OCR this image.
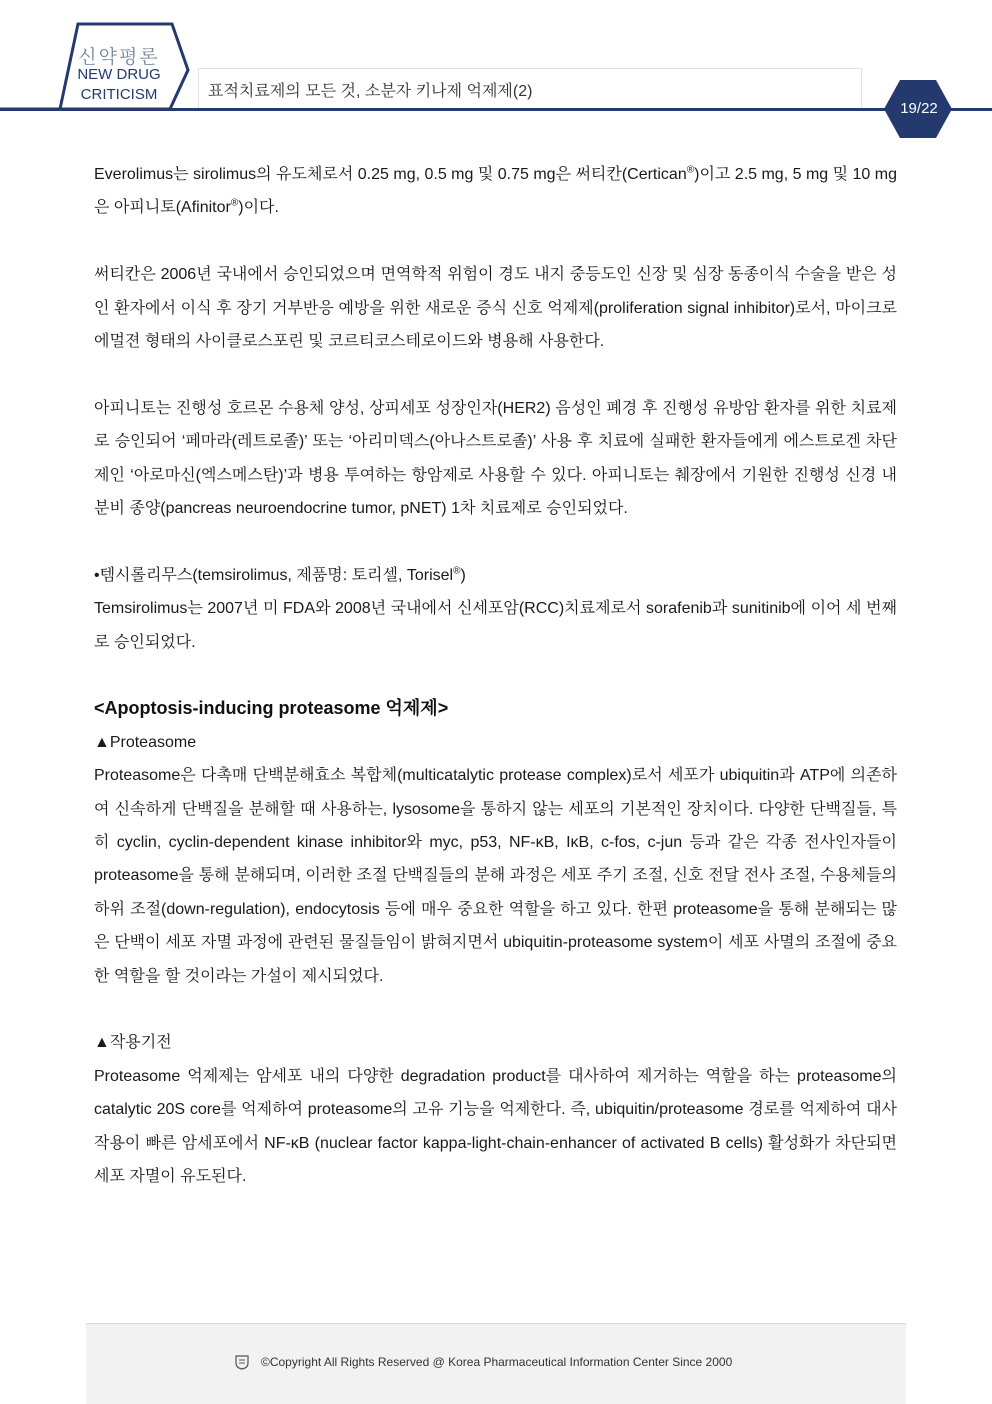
신약평론
NEW DRUG
CRITICISM	표적치료제의 모든 것, 소분자 키나제 억제제(2)
19/22

Everolimus는 sirolimus의 유도체로서 0.25 mg, 0.5 mg 및 0.75 mg은 써티칸(Certican®)이고 2.5 mg, 5 mg 및 10 mg은 아피니토(Afinitor®)이다.

써티칸은 2006년 국내에서 승인되었으며 면역학적 위험이 경도 내지 중등도인 신장 및 심장 동종이식 수술을 받은 성인 환자에서 이식 후 장기 거부반응 예방을 위한 새로운 증식 신호 억제제(proliferation signal inhibitor)로서, 마이크로 에멀젼 형태의 사이클로스포린 및 코르티코스테로이드와 병용해 사용한다.

아피니토는 진행성 호르몬 수용체 양성, 상피세포 성장인자(HER2) 음성인 폐경 후 진행성 유방암 환자를 위한 치료제로 승인되어 ‘페마라(레트로졸)’ 또는 ‘아리미덱스(아나스트로졸)’ 사용 후 치료에 실패한 환자들에게 에스트로겐 차단제인 ‘아로마신(엑스메스탄)’과 병용 투여하는 항암제로 사용할 수 있다. 아피니토는 췌장에서 기원한 진행성 신경 내분비 종양(pancreas neuroendocrine tumor, pNET) 1차 치료제로 승인되었다.

•템시롤리무스(temsirolimus, 제품명: 토리셀, Torisel®)

Temsirolimus는 2007년 미 FDA와 2008년 국내에서 신세포암(RCC)치료제로서 sorafenib과 sunitinib에 이어 세 번째로 승인되었다.

<Apoptosis-inducing proteasome 억제제>

▲Proteasome

Proteasome은 다촉매 단백분해효소 복합체(multicatalytic protease complex)로서 세포가 ubiquitin과 ATP에 의존하여 신속하게 단백질을 분해할 때 사용하는, lysosome을 통하지 않는 세포의 기본적인 장치이다. 다양한 단백질들, 특히 cyclin, cyclin-dependent kinase inhibitor와 myc, p53, NF-κB, IκB, c-fos, c-jun 등과 같은 각종 전사인자들이 proteasome을 통해 분해되며, 이러한 조절 단백질들의 분해 과정은 세포 주기 조절, 신호 전달 전사 조절, 수용체들의 하위 조절(down-regulation), endocytosis 등에 매우 중요한 역할을 하고 있다. 한편 proteasome을 통해 분해되는 많은 단백이 세포 자멸 과정에 관련된 물질들임이 밝혀지면서 ubiquitin-proteasome system이 세포 사멸의 조절에 중요한 역할을 할 것이라는 가설이 제시되었다.

▲작용기전

Proteasome 억제제는 암세포 내의 다양한 degradation product를 대사하여 제거하는 역할을 하는 proteasome의 catalytic 20S core를 억제하여 proteasome의 고유 기능을 억제한다. 즉, ubiquitin/proteasome 경로를 억제하여 대사 작용이 빠른 암세포에서 NF-κB (nuclear factor kappa-light-chain-enhancer of activated B cells) 활성화가 차단되면 세포 자멸이 유도된다.

©Copyright All Rights Reserved @ Korea Pharmaceutical Information Center Since 2000
